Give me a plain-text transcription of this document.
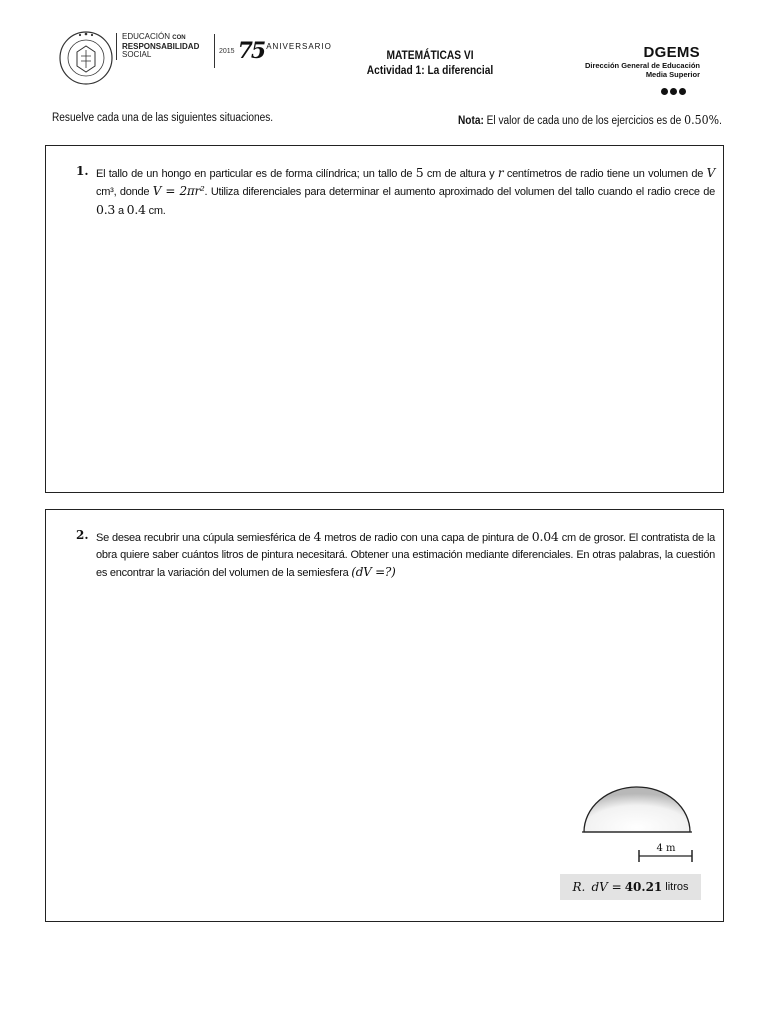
EDUCACIÓN CON
RESPONSABILIDAD
SOCIAL	2015 75 ANIVERSARIO
MATEMÁTICAS VI
Actividad 1: La diferencial
DGEMS
Dirección General de Educación
Media Superior
Resuelve cada una de las siguientes situaciones.	Nota: El valor de cada uno de los ejercicios es de 0.50%.
1. El tallo de un hongo en particular es de forma cilíndrica; un tallo de 5 cm de altura y r centímetros de radio tiene un volumen de V cm³, donde V = 2πr². Utiliza diferenciales para determinar el aumento aproximado del volumen del tallo cuando el radio crece de 0.3 a 0.4 cm.
2. Se desea recubrir una cúpula semiesférica de 4 metros de radio con una capa de pintura de 0.04 cm de grosor. El contratista de la obra quiere saber cuántos litros de pintura necesitará. Obtener una estimación mediante diferenciales. En otras palabras, la cuestión es encontrar la variación del volumen de la semiesfera (dV =?)
4 m
R.
dV = 40.21 litros
